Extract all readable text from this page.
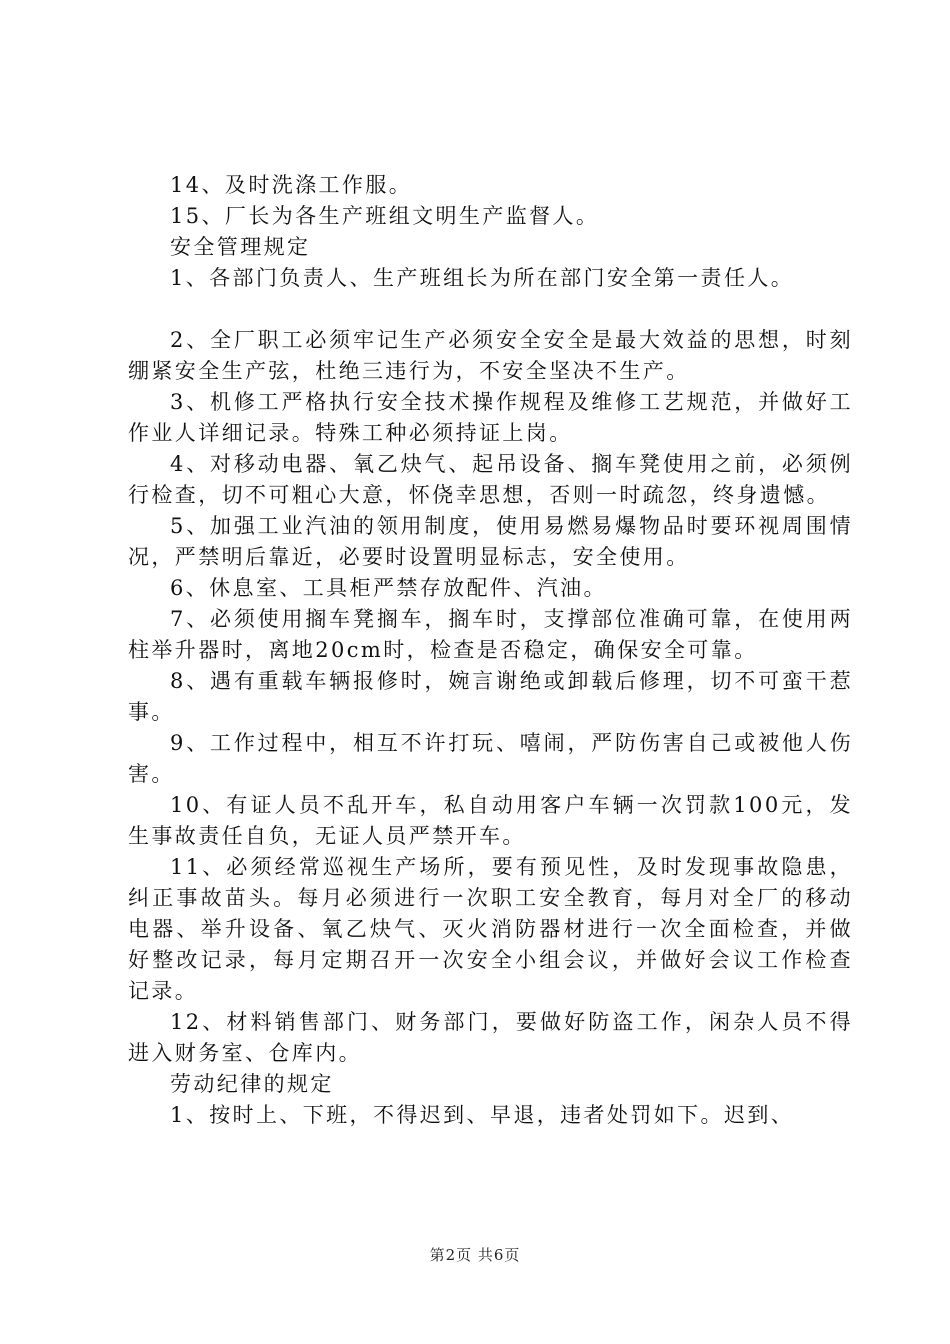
14、及时洗涤工作服。

15、厂长为各生产班组文明生产监督人。

安全管理规定

1、各部门负责人、生产班组长为所在部门安全第一责任人。

2、全厂职工必须牢记生产必须安全安全是最大效益的思想，时刻绷紧安全生产弦，杜绝三违行为，不安全坚决不生产。

3、机修工严格执行安全技术操作规程及维修工艺规范，并做好工作业人详细记录。特殊工种必须持证上岗。

4、对移动电器、氧乙炔气、起吊设备、搁车凳使用之前，必须例行检查，切不可粗心大意，怀侥幸思想，否则一时疏忽，终身遗憾。

5、加强工业汽油的领用制度，使用易燃易爆物品时要环视周围情况，严禁明后靠近，必要时设置明显标志，安全使用。

6、休息室、工具柜严禁存放配件、汽油。

7、必须使用搁车凳搁车，搁车时，支撑部位准确可靠，在使用两柱举升器时，离地20cm时，检查是否稳定，确保安全可靠。

8、遇有重载车辆报修时，婉言谢绝或卸载后修理，切不可蛮干惹事。

9、工作过程中，相互不许打玩、嘻闹，严防伤害自己或被他人伤害。

10、有证人员不乱开车，私自动用客户车辆一次罚款100元，发生事故责任自负，无证人员严禁开车。

11、必须经常巡视生产场所，要有预见性，及时发现事故隐患，纠正事故苗头。每月必须进行一次职工安全教育，每月对全厂的移动电器、举升设备、氧乙炔气、灭火消防器材进行一次全面检查，并做好整改记录，每月定期召开一次安全小组会议，并做好会议工作检查记录。

12、材料销售部门、财务部门，要做好防盗工作，闲杂人员不得进入财务室、仓库内。

劳动纪律的规定

1、按时上、下班，不得迟到、早退，违者处罚如下。迟到、

第2页 共6页
